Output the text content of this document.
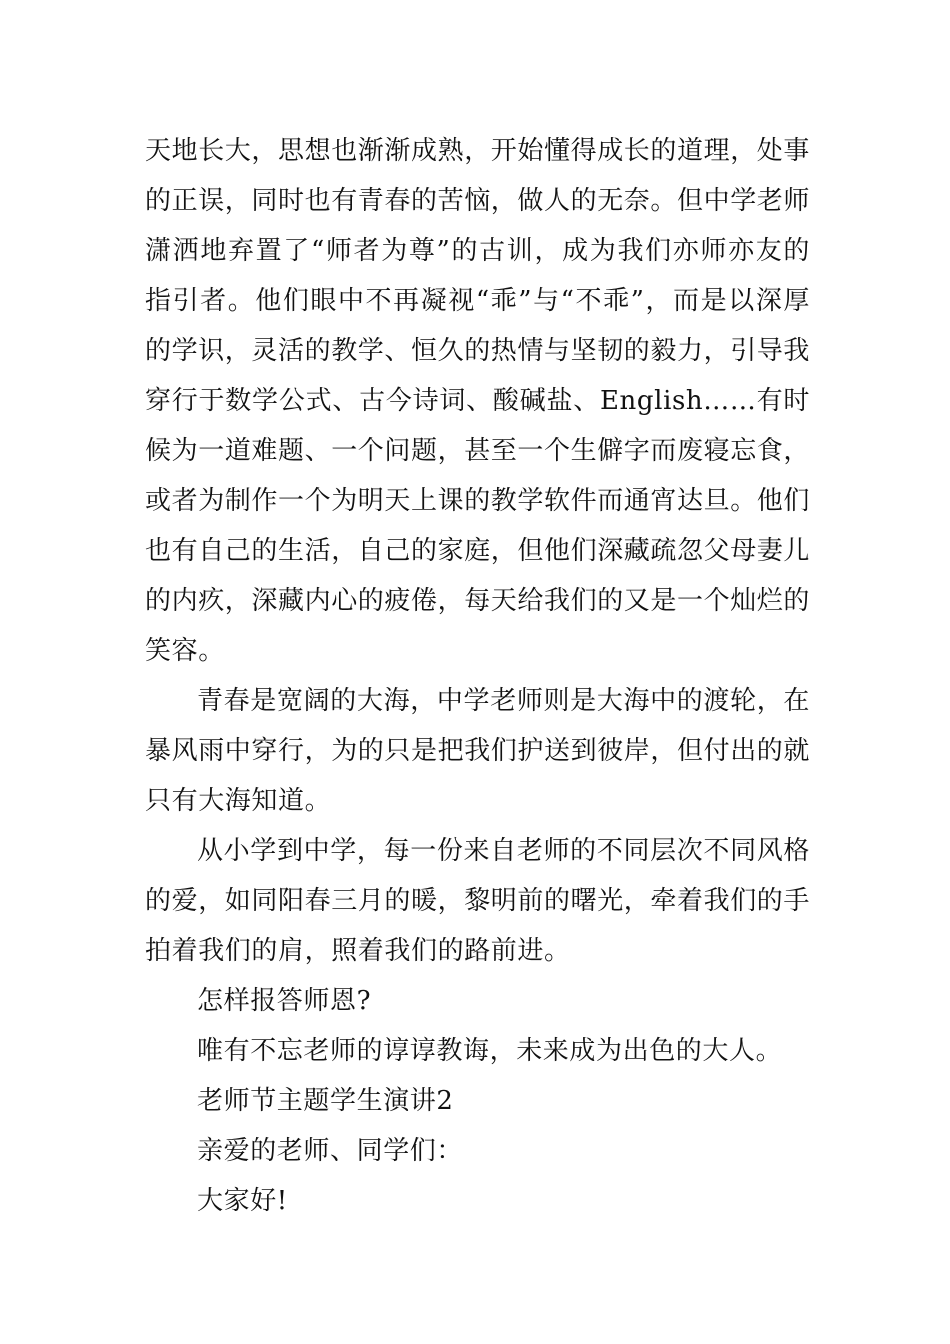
天地长大，思想也渐渐成熟，开始懂得成长的道理，处事的正误，同时也有青春的苦恼，做人的无奈。但中学老师潇洒地弃置了“师者为尊”的古训，成为我们亦师亦友的指引者。他们眼中不再凝视“乖”与“不乖”，而是以深厚的学识，灵活的教学、恒久的热情与坚韧的毅力，引导我穿行于数学公式、古今诗词、酸碱盐、English……有时候为一道难题、一个问题，甚至一个生僻字而废寝忘食，或者为制作一个为明天上课的教学软件而通宵达旦。他们也有自己的生活，自己的家庭，但他们深藏疏忽父母妻儿的内疚，深藏内心的疲倦，每天给我们的又是一个灿烂的笑容。

青春是宽阔的大海，中学老师则是大海中的渡轮，在暴风雨中穿行，为的只是把我们护送到彼岸，但付出的就只有大海知道。

从小学到中学，每一份来自老师的不同层次不同风格的爱，如同阳春三月的暖，黎明前的曙光，牵着我们的手拍着我们的肩，照着我们的路前进。

怎样报答师恩?

唯有不忘老师的谆谆教诲，未来成为出色的大人。

老师节主题学生演讲2

亲爱的老师、同学们：

大家好!
